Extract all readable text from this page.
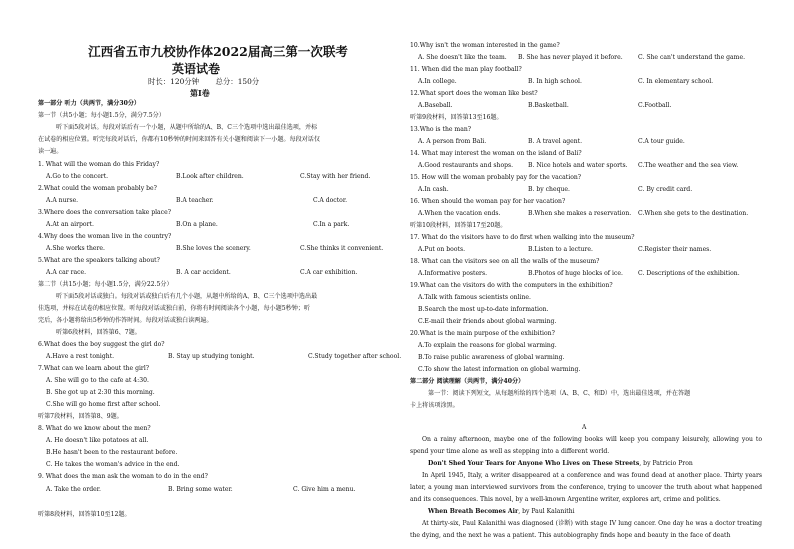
江西省五市九校协作体2022届高三第一次联考
英语试卷
时长：120分钟 总分：150分
第Ⅰ卷
第一部分 听力（共两节，满分30分）
第一节（共5小题；每小题1.5分，满分7.5分）
听下面5段对话。每段对话后有一个小题，从题中所给的A、B、C三个选项中选出最佳选项，并标
在试卷的相应位置。听完每段对话后，你都有10秒钟的时间来回答有关小题和阅读下一小题。每段对话仅
读一遍。
1. What will the woman do this Friday?
A.Go to the concert.	B.Look after children.	C.Stay with her friend.
2.What could the woman probably be?
A.A nurse.	B.A teacher.	C.A doctor.
3.Where does the conversation take place?
A.At an airport.	B.On a plane.	C.In a park.
4.Why does the woman live in the country?
A.She works there.	B.She loves the scenery.	C.She thinks it convenient.
5.What are the speakers talking about?
A.A car race.	B. A car accident.	C.A car exhibition.
第二节（共15小题；每小题1.5分，满分22.5分）
听下面5段对话或独白。每段对话或独白后有几个小题，从题中所给的A、B、C三个选项中选出最
佳选项，并标在试卷的相应位置。听每段对话或独白前，你将有时间阅读各个小题，每小题5秒钟；听
完后，各小题将给出5秒钟的作答时间。每段对话或独白读两遍。
听第6段材料，回答第6、7题。
6.What does the boy suggest the girl do?
A.Have a rest tonight.	B. Stay up studying tonight.	C.Study together after school.
7.What can we learn about the girl?
A. She will go to the cafe at 4:30.
B. She got up at 2:30 this morning.
C.She will go home first after school.
听第7段材料，回答第8、9题。
8. What do we know about the men?
A. He doesn't like potatoes at all.
B.He hasn't been to the restaurant before.
C. He takes the woman's advice in the end.
9. What does the man ask the woman to do in the end?
A. Take the order.	B. Bring some water.	C. Give him a menu.
听第8段材料，回答第10至12题。
10.Why isn't the woman interested in the game?
A. She doesn't like the team. B. She has never played it before.	C. She can't understand the game.
11. When did the man play football?
A.In college.	B. In high school.	C. In elementary school.
12.What sport does the woman like best?
A.Baseball.	B.Basketball.	C.Football.
听第9段材料，回答第13至16题。
13.Who is the man?
A. A person from Bali.	B. A travel agent.	C.A tour guide.
14. What may interest the woman on the island of Bali?
A.Good restaurants and shops. B. Nice hotels and water sports. C.The weather and the sea view.
15. How will the woman probably pay for the vacation?
A.In cash.	B. by cheque.	C. By credit card.
16. When should the woman pay for her vacation?
A.When the vacation ends.	B.When she makes a reservation. C.When she gets to the destination.
听第10段材料，回答第17至20题。
17. What do the visitors have to do first when walking into the museum?
A.Put on boots.	B.Listen to a lecture.	C.Register their names.
18. What can the visitors see on all the walls of the museum?
A.Informative posters.	B.Photos of huge blocks of ice. C. Descriptions of the exhibition.
19.What can the visitors do with the computers in the exhibition?
A.Talk with famous scientists online.
B.Search the most up-to-date information.
C.E-mail their friends about global warming.
20.What is the main purpose of the exhibition?
A.To explain the reasons for global warming.
B.To raise public awareness of global warming.
C.To show the latest information on global warming.
第二部分 阅读理解（共两节，满分40分）
第一节：阅读下列短文，从每题所给的四个选项（A、B、C、和D）中，选出最佳选项，并在答题
卡上将该项涂黑。
A
On a rainy afternoon, maybe one of the following books will keep you company leisurely, allowing you to spend your time alone as well as stepping into a different world.
Don't Shed Your Tears for Anyone Who Lives on These Streets, by Patricio Pron
In April 1945, Italy, a writer disappeared at a conference and was found dead at another place. Thirty years later, a young man interviewed survivors from the conference, trying to uncover the truth about what happened and its consequences. This novel, by a well-known Argentine writer, explores art, crime and politics.
When Breath Becomes Air, by Paul Kalanithi
At thirty-six, Paul Kalanithi was diagnosed (诊断) with stage IV lung cancer. One day he was a doctor treating the dying, and the next he was a patient. This autobiography finds hope and beauty in the face of death
